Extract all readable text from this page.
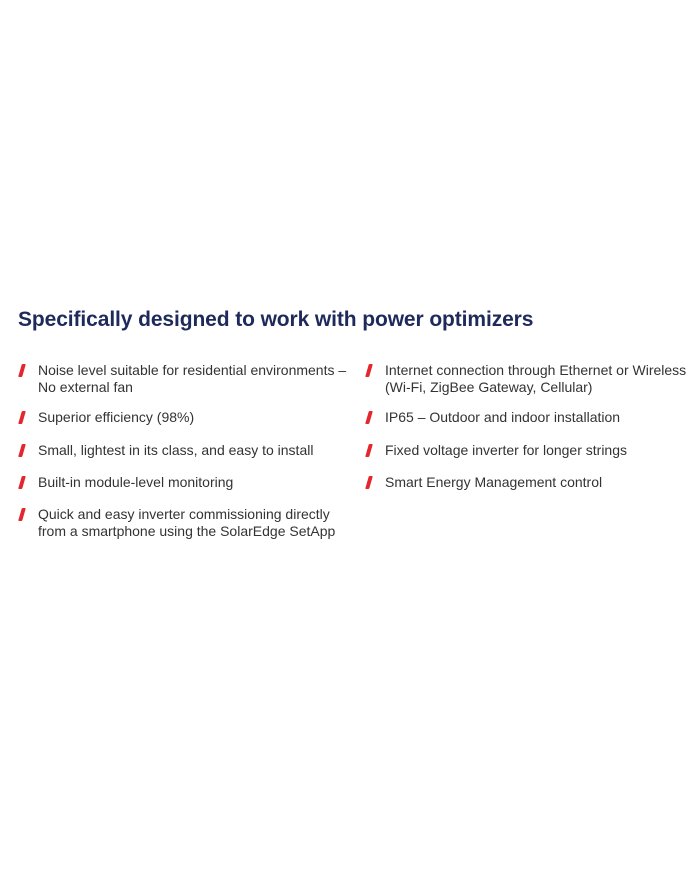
Specifically designed to work with power optimizers
Noise level suitable for residential environments –
No external fan
Superior efficiency (98%)
Small, lightest in its class, and easy to install
Built-in module-level monitoring
Quick and easy inverter commissioning directly
from a smartphone using the SolarEdge SetApp
Internet connection through Ethernet or Wireless
(Wi-Fi, ZigBee Gateway, Cellular)
IP65 – Outdoor and indoor installation
Fixed voltage inverter for longer strings
Smart Energy Management control
